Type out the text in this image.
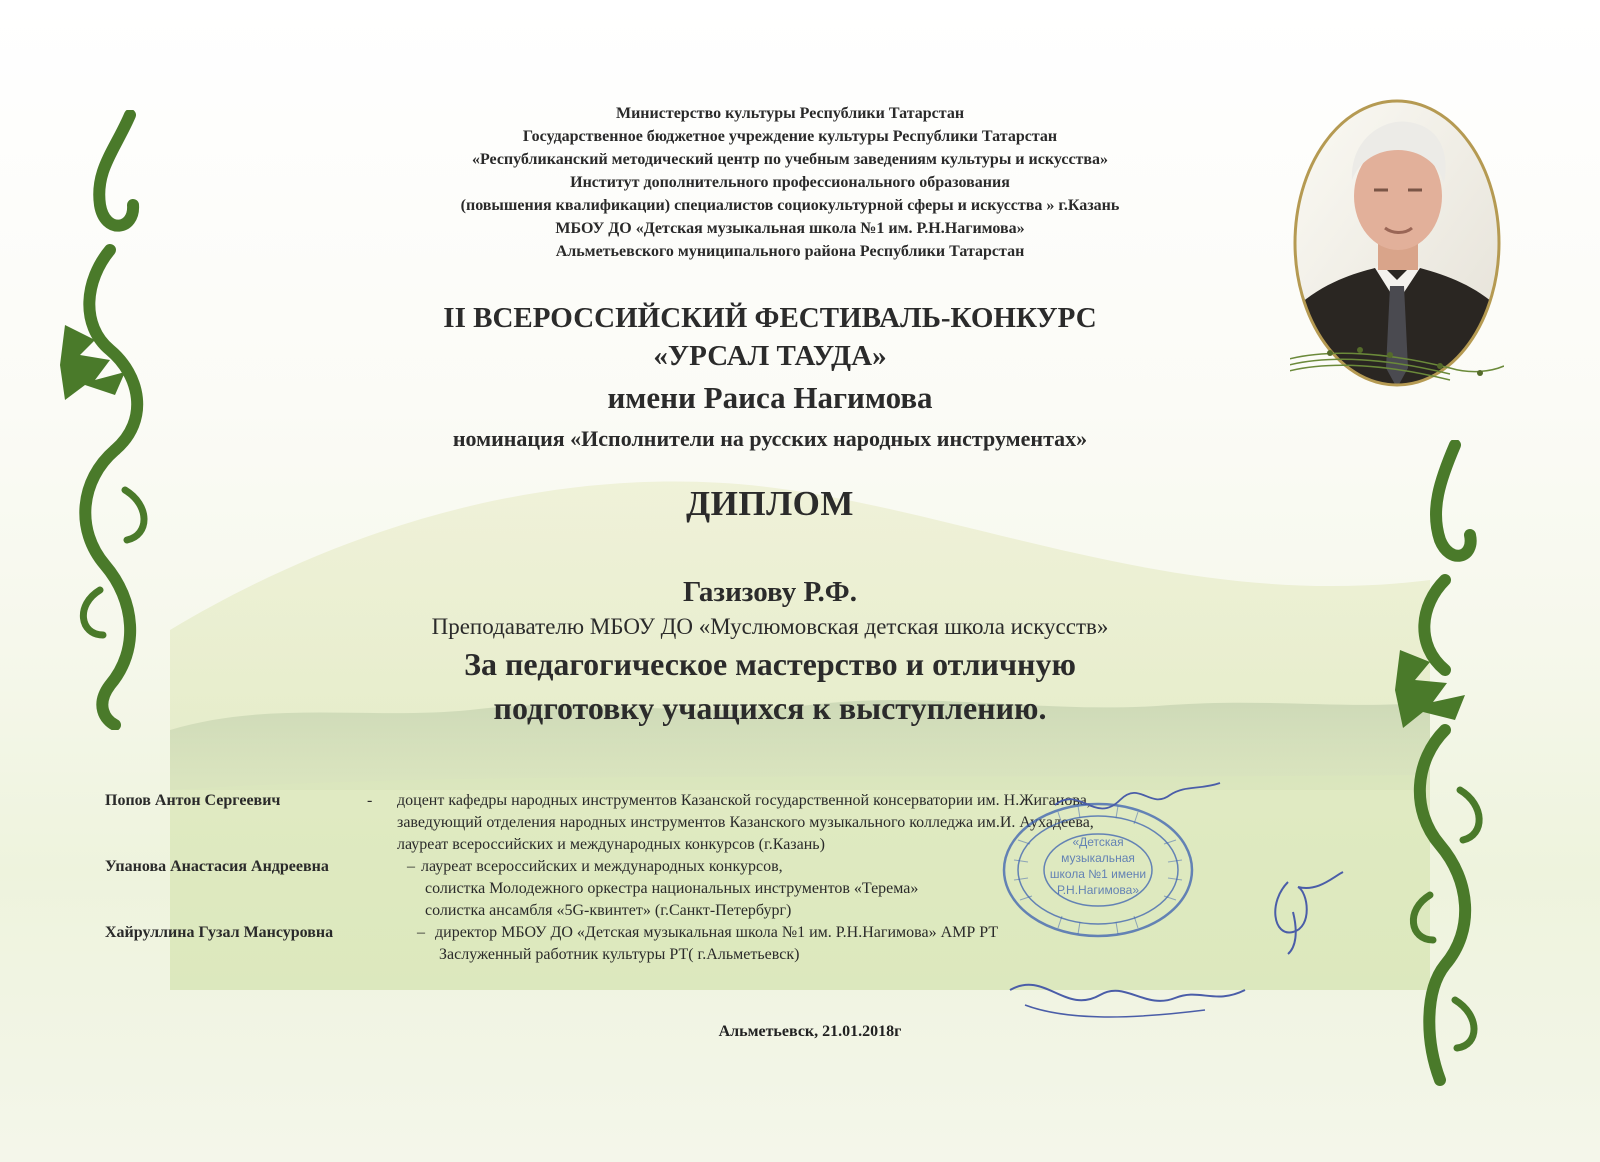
Министерство культуры Республики Татарстан
Государственное бюджетное учреждение культуры Республики Татарстан
«Республиканский методический центр по учебным заведениям культуры и искусства»
Институт дополнительного профессионального образования
(повышения квалификации) специалистов социокультурной сферы и искусства » г.Казань
МБОУ ДО «Детская музыкальная школа №1 им. Р.Н.Нагимова»
Альметьевского муниципального района Республики Татарстан
II ВСЕРОССИЙСКИЙ ФЕСТИВАЛЬ-КОНКУРС
«УРСАЛ ТАУДА»
имени Раиса Нагимова
номинация «Исполнители на русских народных инструментах»
ДИПЛОМ
Газизову Р.Ф.
Преподавателю МБОУ ДО «Муслюмовская детская школа искусств»
За педагогическое мастерство и отличную
подготовку учащихся к выступлению.
Попов Антон Сергеевич	- доцент кафедры народных инструментов Казанской государственной консерватории им. Н.Жиганова,
заведующий отделения народных инструментов Казанского музыкального колледжа им.И. Аухадеева,
лауреат всероссийских и международных конкурсов (г.Казань)
Упанова Анастасия Андреевна	– лауреат всероссийских и международных конкурсов,
солистка Молодежного оркестра национальных инструментов «Терема»
солистка ансамбля «5G-квинтет» (г.Санкт-Петербург)
Хайруллина Гузал Мансуровна	– директор МБОУ ДО «Детская музыкальная школа №1 им. Р.Н.Нагимова» АМР РТ
Заслуженный работник культуры РТ( г.Альметьевск)
«Детская
музыкальная
школа №1 имени
Р.Н.Нагимова»
Альметьевск, 21.01.2018г
